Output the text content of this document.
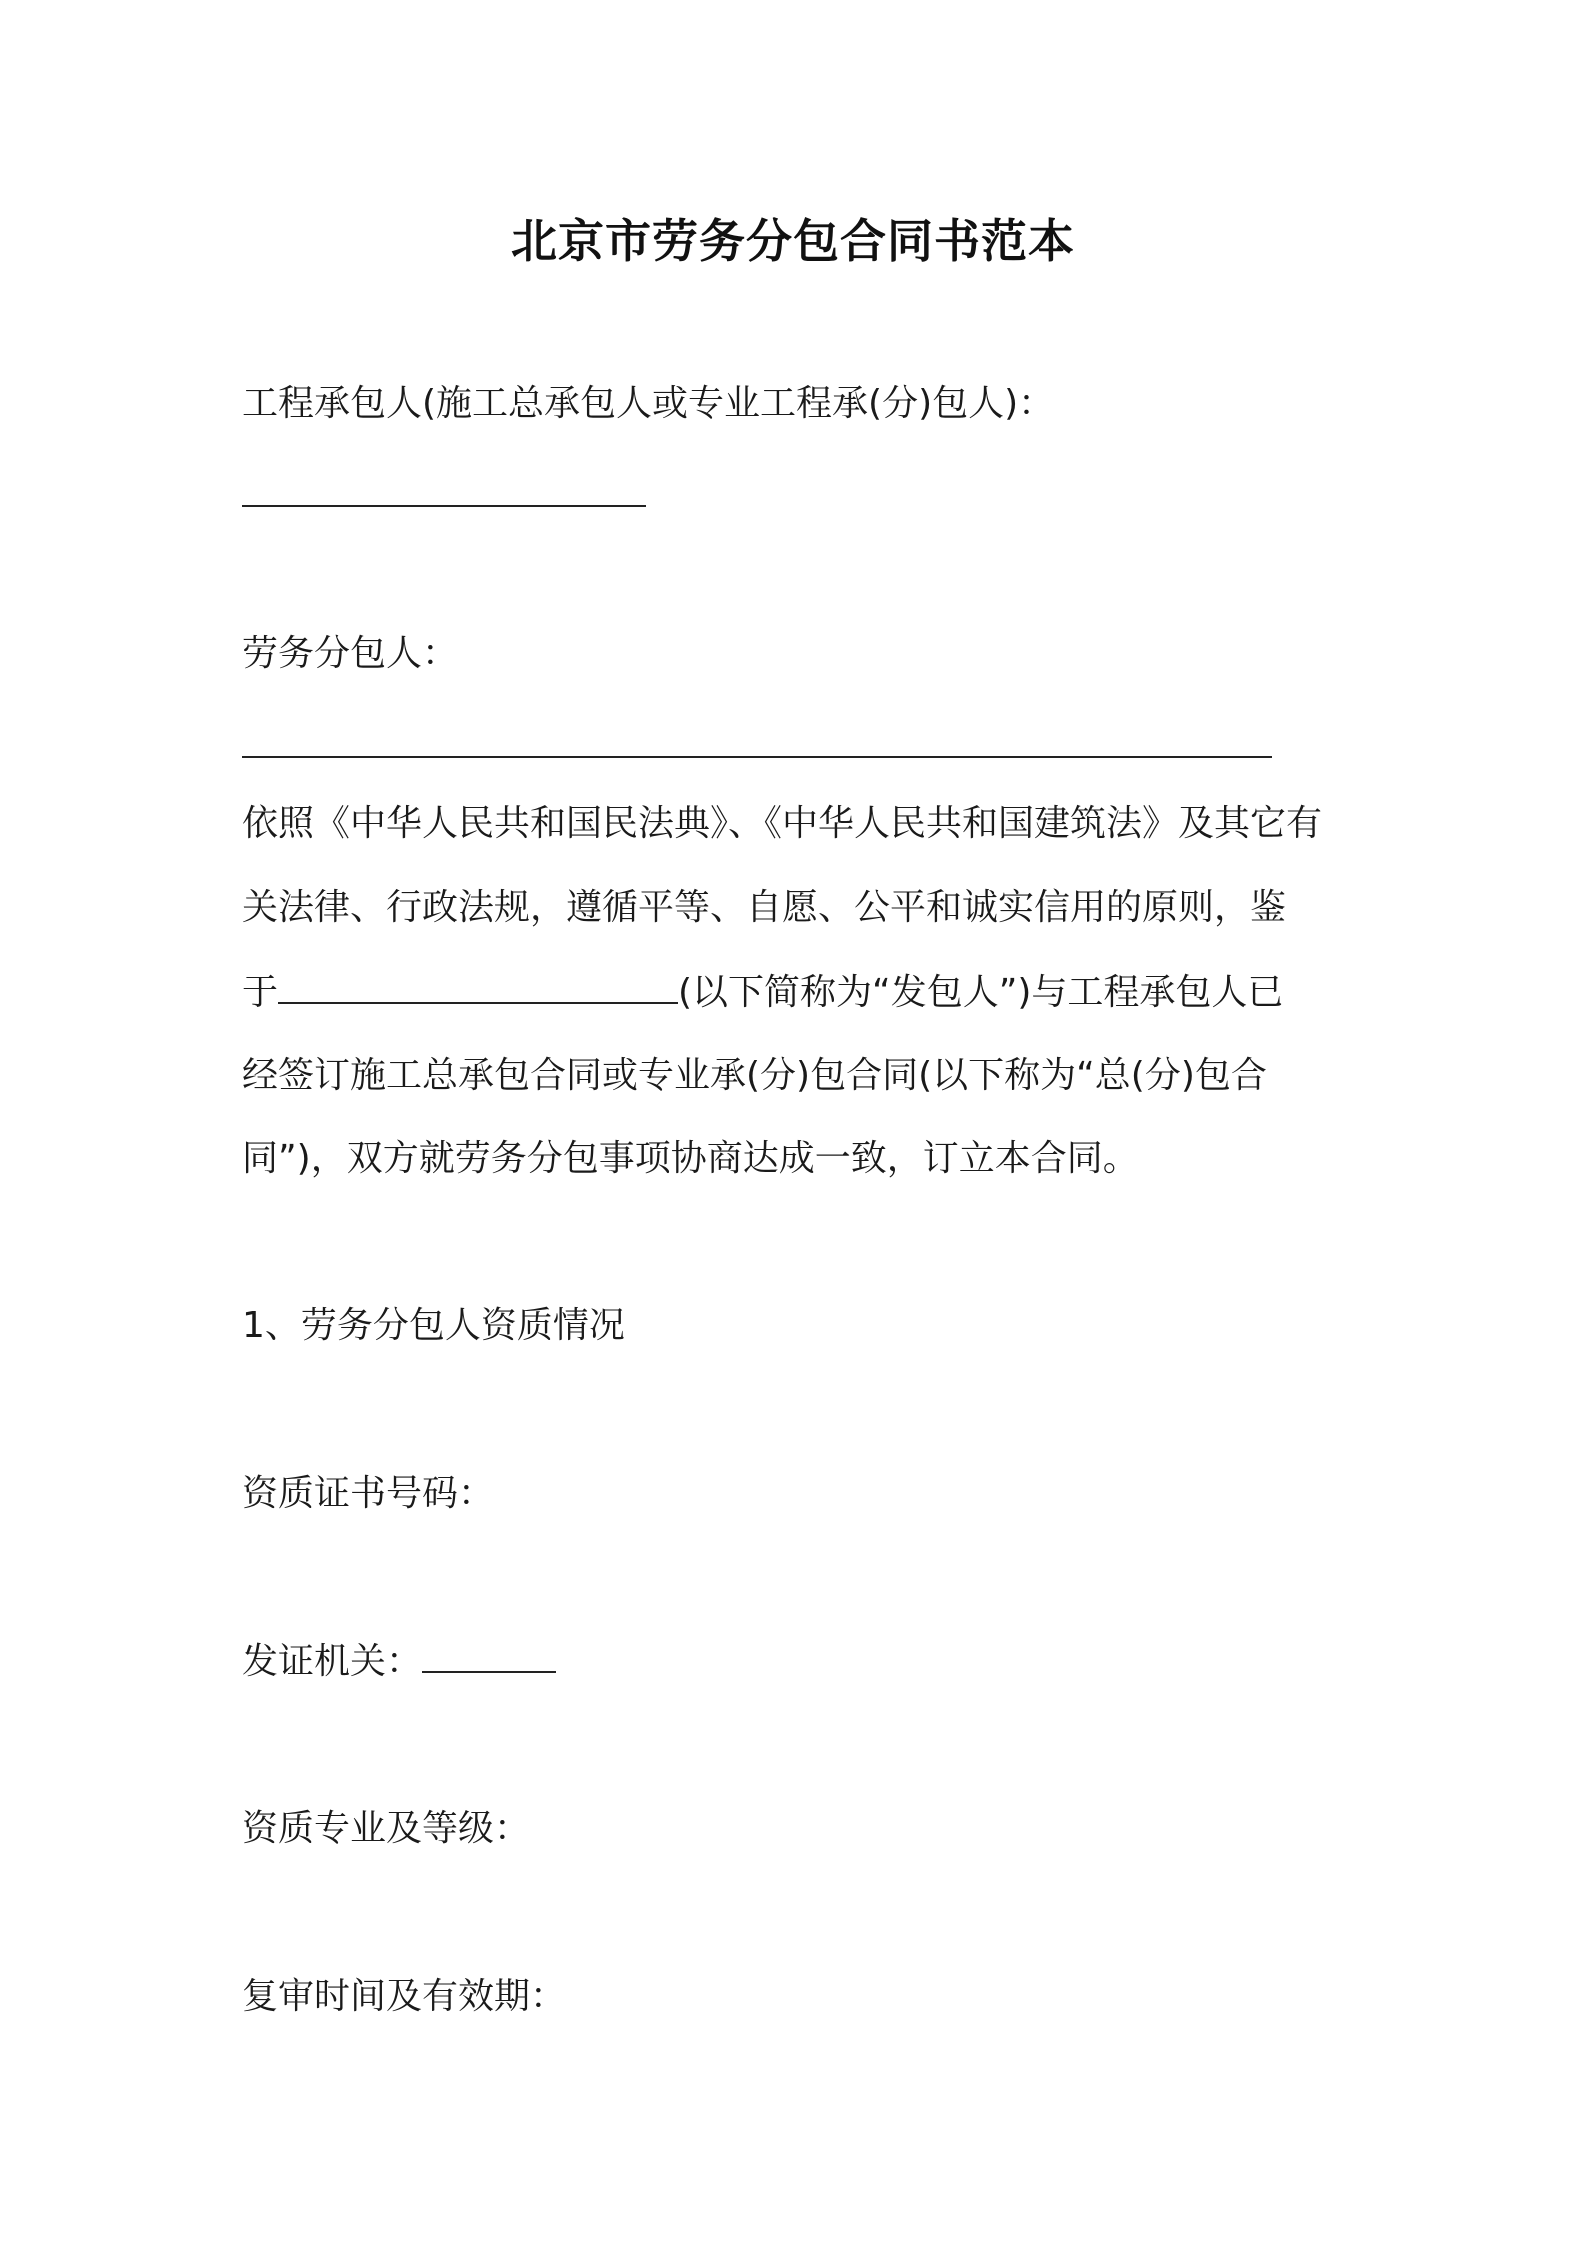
北京市劳务分包合同书范本
工程承包人(施工总承包人或专业工程承(分)包人)：
劳务分包人：
依照《中华人民共和国民法典》、《中华人民共和国建筑法》及其它有
关法律、行政法规，遵循平等、自愿、公平和诚实信用的原则，鉴
于	(以下简称为“发包人”)与工程承包人已
经签订施工总承包合同或专业承(分)包合同(以下称为“总(分)包合
同”)，双方就劳务分包事项协商达成一致，订立本合同。
1、劳务分包人资质情况
资质证书号码：
发证机关：
资质专业及等级：
复审时间及有效期：
